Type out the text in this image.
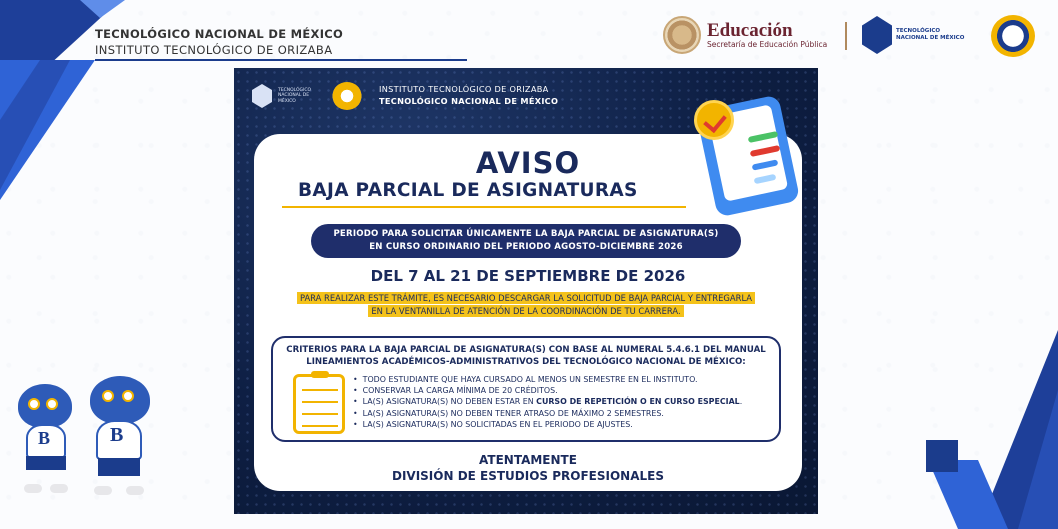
TECNOLÓGICO NACIONAL DE MÉXICO
INSTITUTO TECNOLÓGICO DE ORIZABA
Educación
Secretaría de Educación Pública
TECNOLÓGICO
NACIONAL DE MÉXICO
TECNOLÓGICO NACIONAL DE MÉXICO
INSTITUTO TECNOLÓGICO DE ORIZABA
TECNOLÓGICO NACIONAL DE MÉXICO
AVISO
BAJA PARCIAL DE ASIGNATURAS
PERIODO PARA SOLICITAR ÚNICAMENTE LA BAJA PARCIAL DE ASIGNATURA(S)
EN CURSO ORDINARIO DEL PERIODO AGOSTO-DICIEMBRE 2026
DEL 7 AL 21 DE SEPTIEMBRE DE 2026
PARA REALIZAR ESTE TRÁMITE, ES NECESARIO DESCARGAR LA SOLICITUD DE BAJA PARCIAL Y ENTREGARLA
EN LA VENTANILLA DE ATENCIÓN DE LA COORDINACIÓN DE TU CARRERA.
CRITERIOS PARA LA BAJA PARCIAL DE ASIGNATURA(S) CON BASE AL NUMERAL 5.4.6.1 DEL MANUAL
LINEAMIENTOS ACADÉMICOS-ADMINISTRATIVOS DEL TECNOLÓGICO NACIONAL DE MÉXICO:
• TODO ESTUDIANTE QUE HAYA CURSADO AL MENOS UN SEMESTRE EN EL INSTITUTO.
• CONSERVAR LA CARGA MÍNIMA DE 20 CRÉDITOS.
• LA(S) ASIGNATURA(S) NO DEBEN ESTAR EN CURSO DE REPETICIÓN O EN CURSO ESPECIAL.
• LA(S) ASIGNATURA(S) NO DEBEN TENER ATRASO DE MÁXIMO 2 SEMESTRES.
• LA(S) ASIGNATURA(S) NO SOLICITADAS EN EL PERIODO DE AJUSTES.
ATENTAMENTE
DIVISIÓN DE ESTUDIOS PROFESIONALES
B	B
